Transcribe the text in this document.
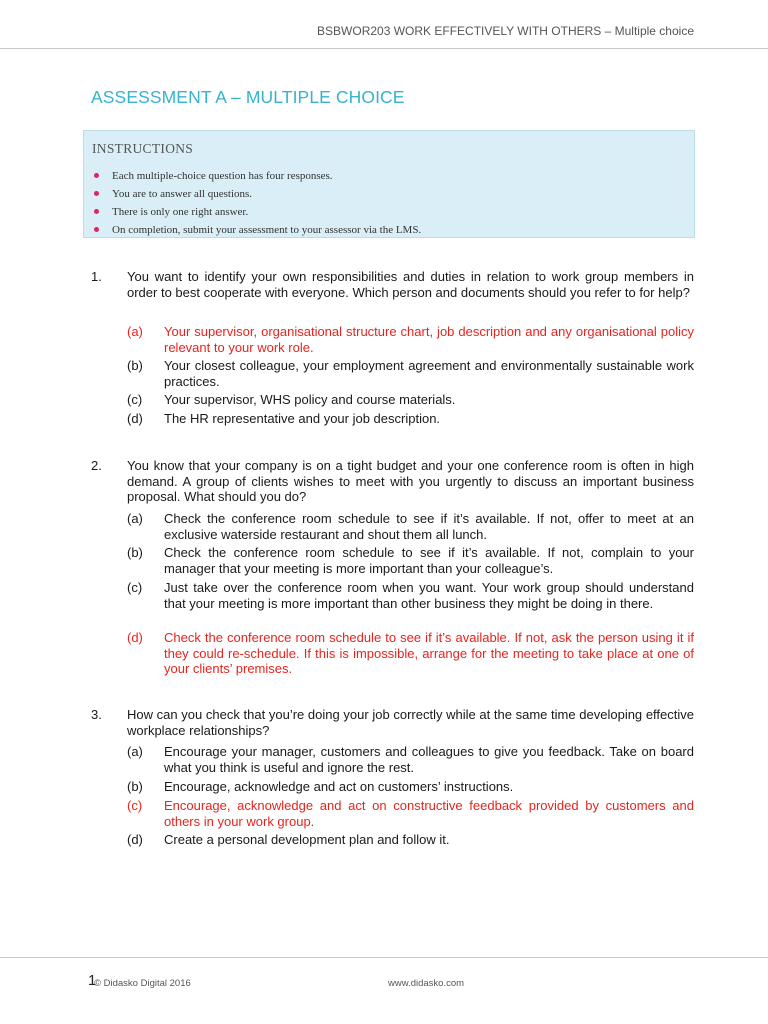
BSBWOR203 WORK EFFECTIVELY WITH OTHERS – Multiple choice
ASSESSMENT A – MULTIPLE CHOICE
INSTRUCTIONS
Each multiple-choice question has four responses.
You are to answer all questions.
There is only one right answer.
On completion, submit your assessment to your assessor via the LMS.
1. You want to identify your own responsibilities and duties in relation to work group members in order to best cooperate with everyone. Which person and documents should you refer to for help?
(a) Your supervisor, organisational structure chart, job description and any organisational policy relevant to your work role.
(b) Your closest colleague, your employment agreement and environmentally sustainable work practices.
(c) Your supervisor, WHS policy and course materials.
(d) The HR representative and your job description.
2. You know that your company is on a tight budget and your one conference room is often in high demand. A group of clients wishes to meet with you urgently to discuss an important business proposal. What should you do?
(a) Check the conference room schedule to see if it’s available. If not, offer to meet at an exclusive waterside restaurant and shout them all lunch.
(b) Check the conference room schedule to see if it’s available. If not, complain to your manager that your meeting is more important than your colleague’s.
(c) Just take over the conference room when you want. Your work group should understand that your meeting is more important than other business they might be doing in there.
(d) Check the conference room schedule to see if it’s available. If not, ask the person using it if they could re-schedule. If this is impossible, arrange for the meeting to take place at one of your clients’ premises.
3. How can you check that you’re doing your job correctly while at the same time developing effective workplace relationships?
(a) Encourage your manager, customers and colleagues to give you feedback. Take on board what you think is useful and ignore the rest.
(b) Encourage, acknowledge and act on customers’ instructions.
(c) Encourage, acknowledge and act on constructive feedback provided by customers and others in your work group.
(d) Create a personal development plan and follow it.
1
© Didasko Digital 2016	www.didasko.com
